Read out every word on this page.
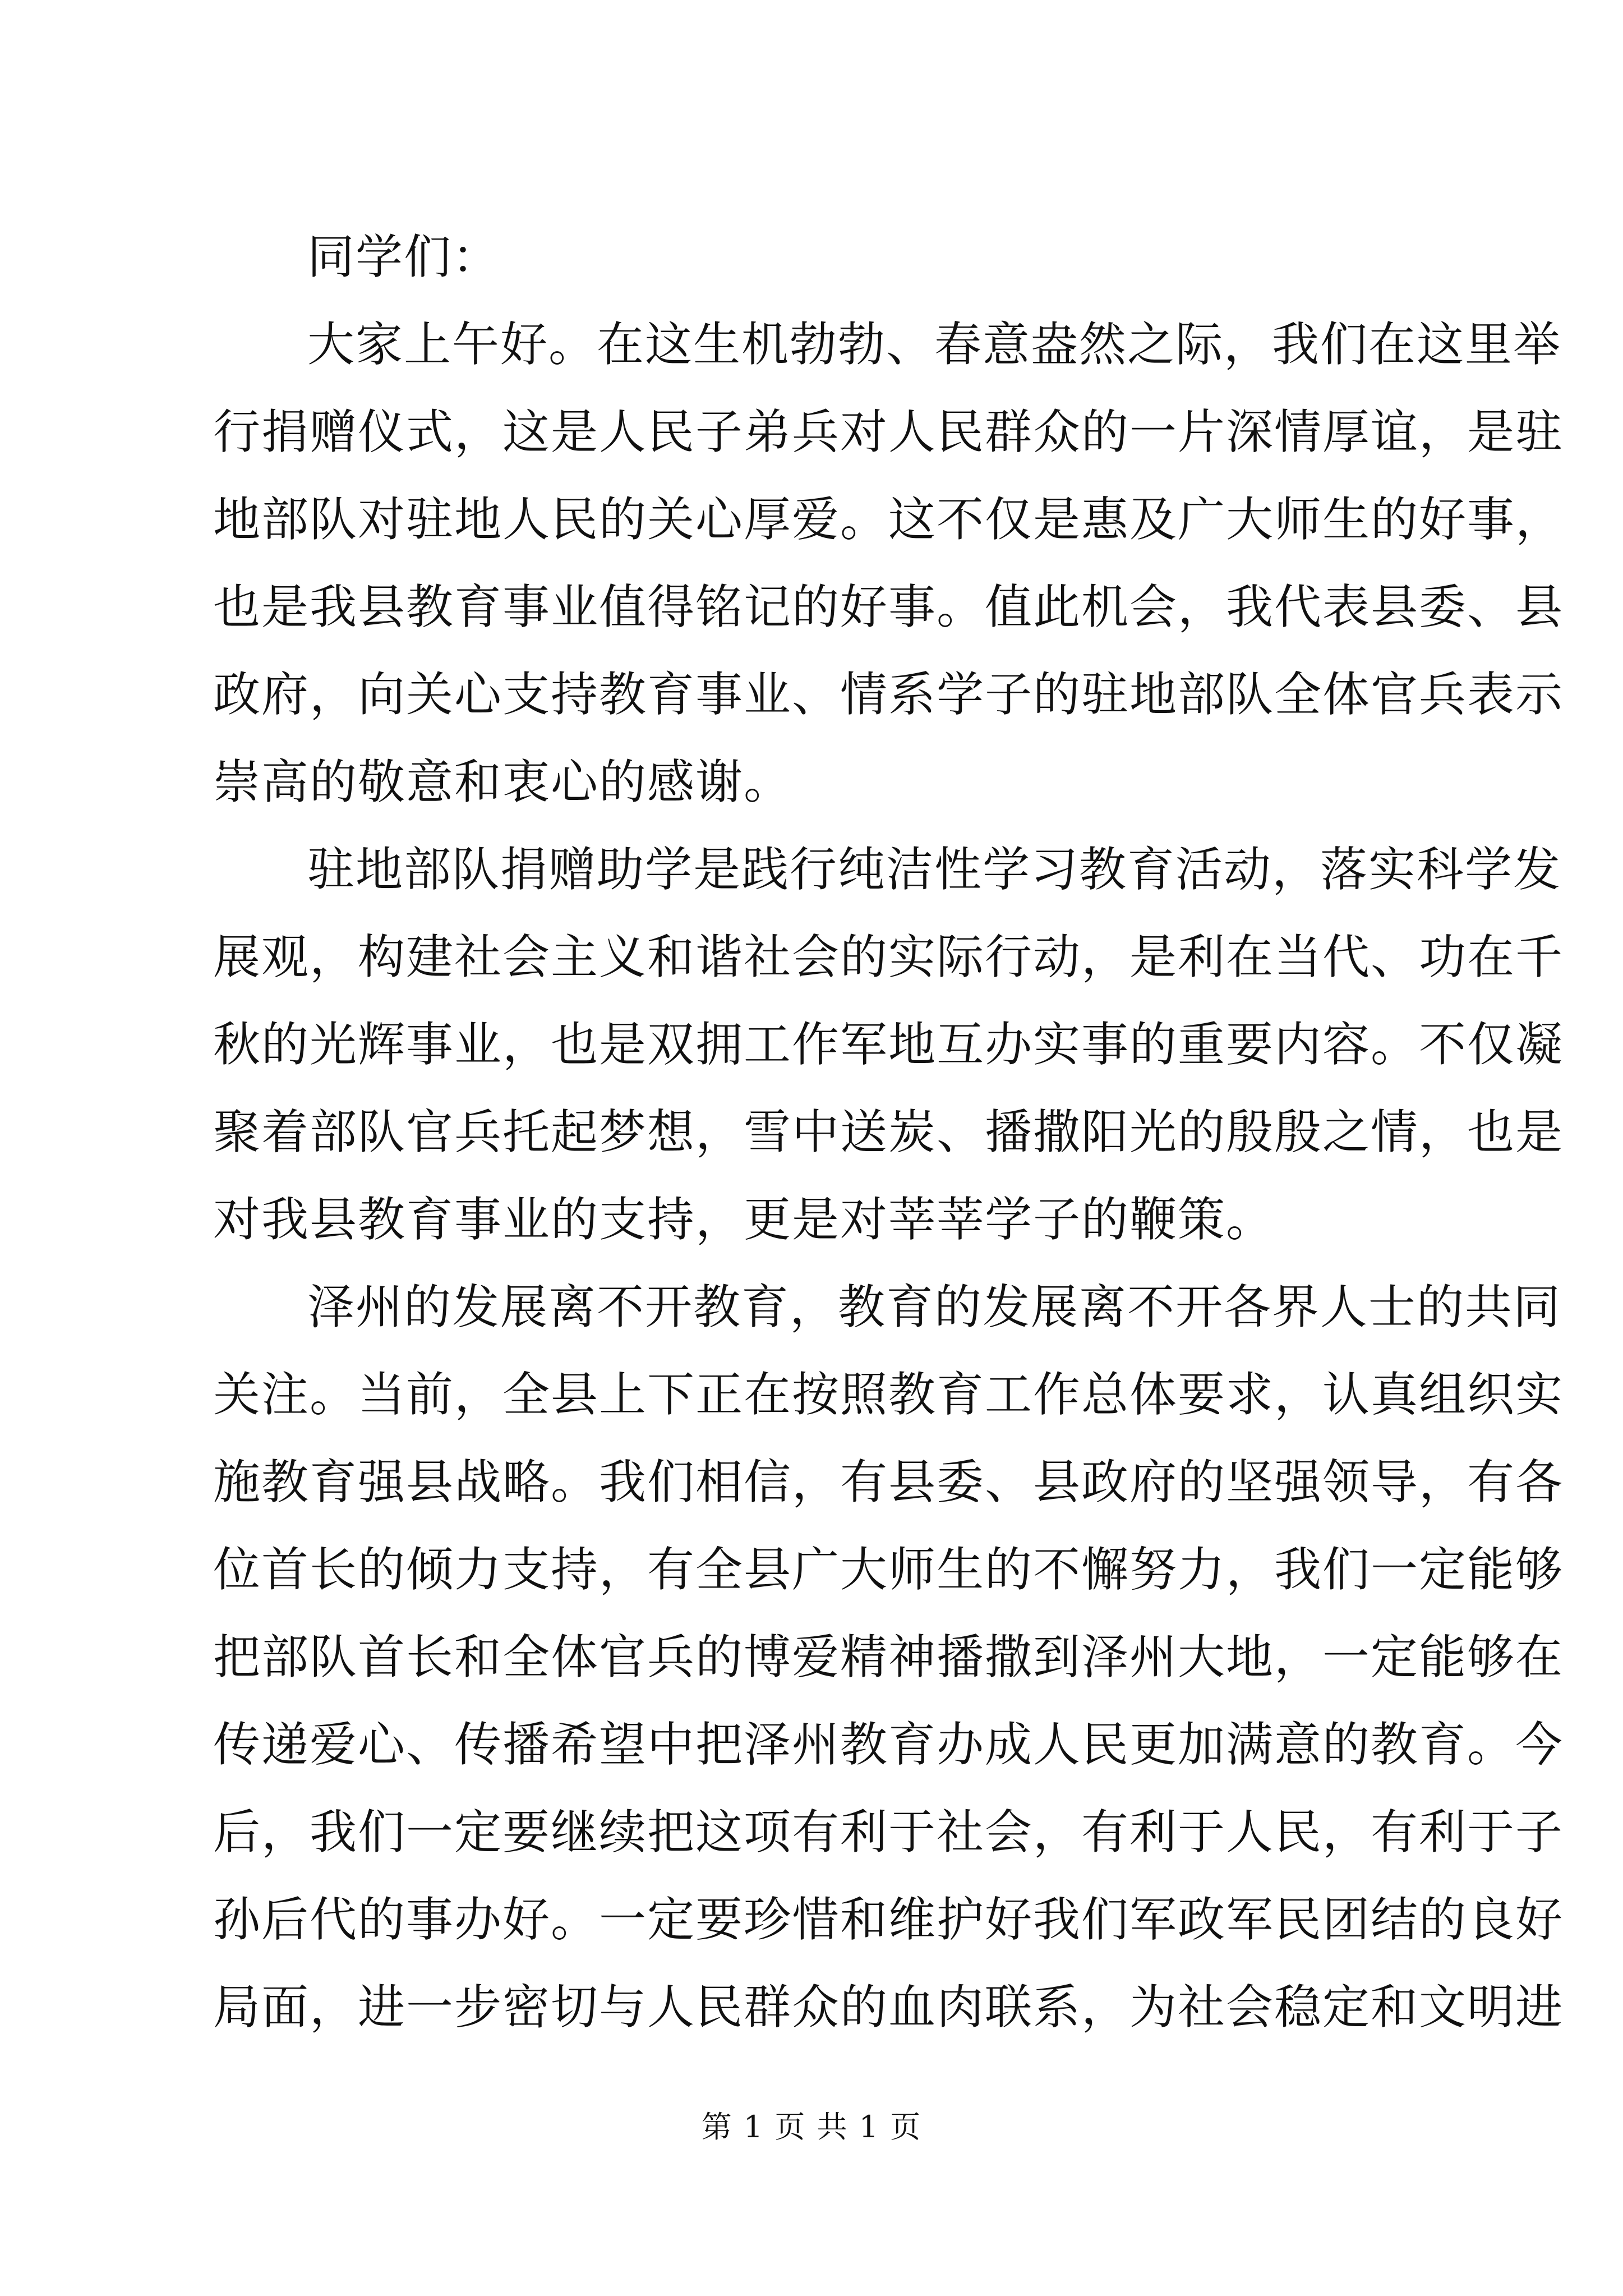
同学们：
大家上午好。在这生机勃勃、春意盎然之际，我们在这里举
行捐赠仪式，这是人民子弟兵对人民群众的一片深情厚谊，是驻
地部队对驻地人民的关心厚爱。这不仅是惠及广大师生的好事，
也是我县教育事业值得铭记的好事。值此机会，我代表县委、县
政府，向关心支持教育事业、情系学子的驻地部队全体官兵表示
崇高的敬意和衷心的感谢。
驻地部队捐赠助学是践行纯洁性学习教育活动，落实科学发
展观，构建社会主义和谐社会的实际行动，是利在当代、功在千
秋的光辉事业，也是双拥工作军地互办实事的重要内容。不仅凝
聚着部队官兵托起梦想，雪中送炭、播撒阳光的殷殷之情，也是
对我县教育事业的支持，更是对莘莘学子的鞭策。
泽州的发展离不开教育，教育的发展离不开各界人士的共同
关注。当前，全县上下正在按照教育工作总体要求，认真组织实
施教育强县战略。我们相信，有县委、县政府的坚强领导，有各
位首长的倾力支持，有全县广大师生的不懈努力，我们一定能够
把部队首长和全体官兵的博爱精神播撒到泽州大地，一定能够在
传递爱心、传播希望中把泽州教育办成人民更加满意的教育。今
后，我们一定要继续把这项有利于社会，有利于人民，有利于子
孙后代的事办好。一定要珍惜和维护好我们军政军民团结的良好
局面，进一步密切与人民群众的血肉联系，为社会稳定和文明进
第 1 页 共 1 页
